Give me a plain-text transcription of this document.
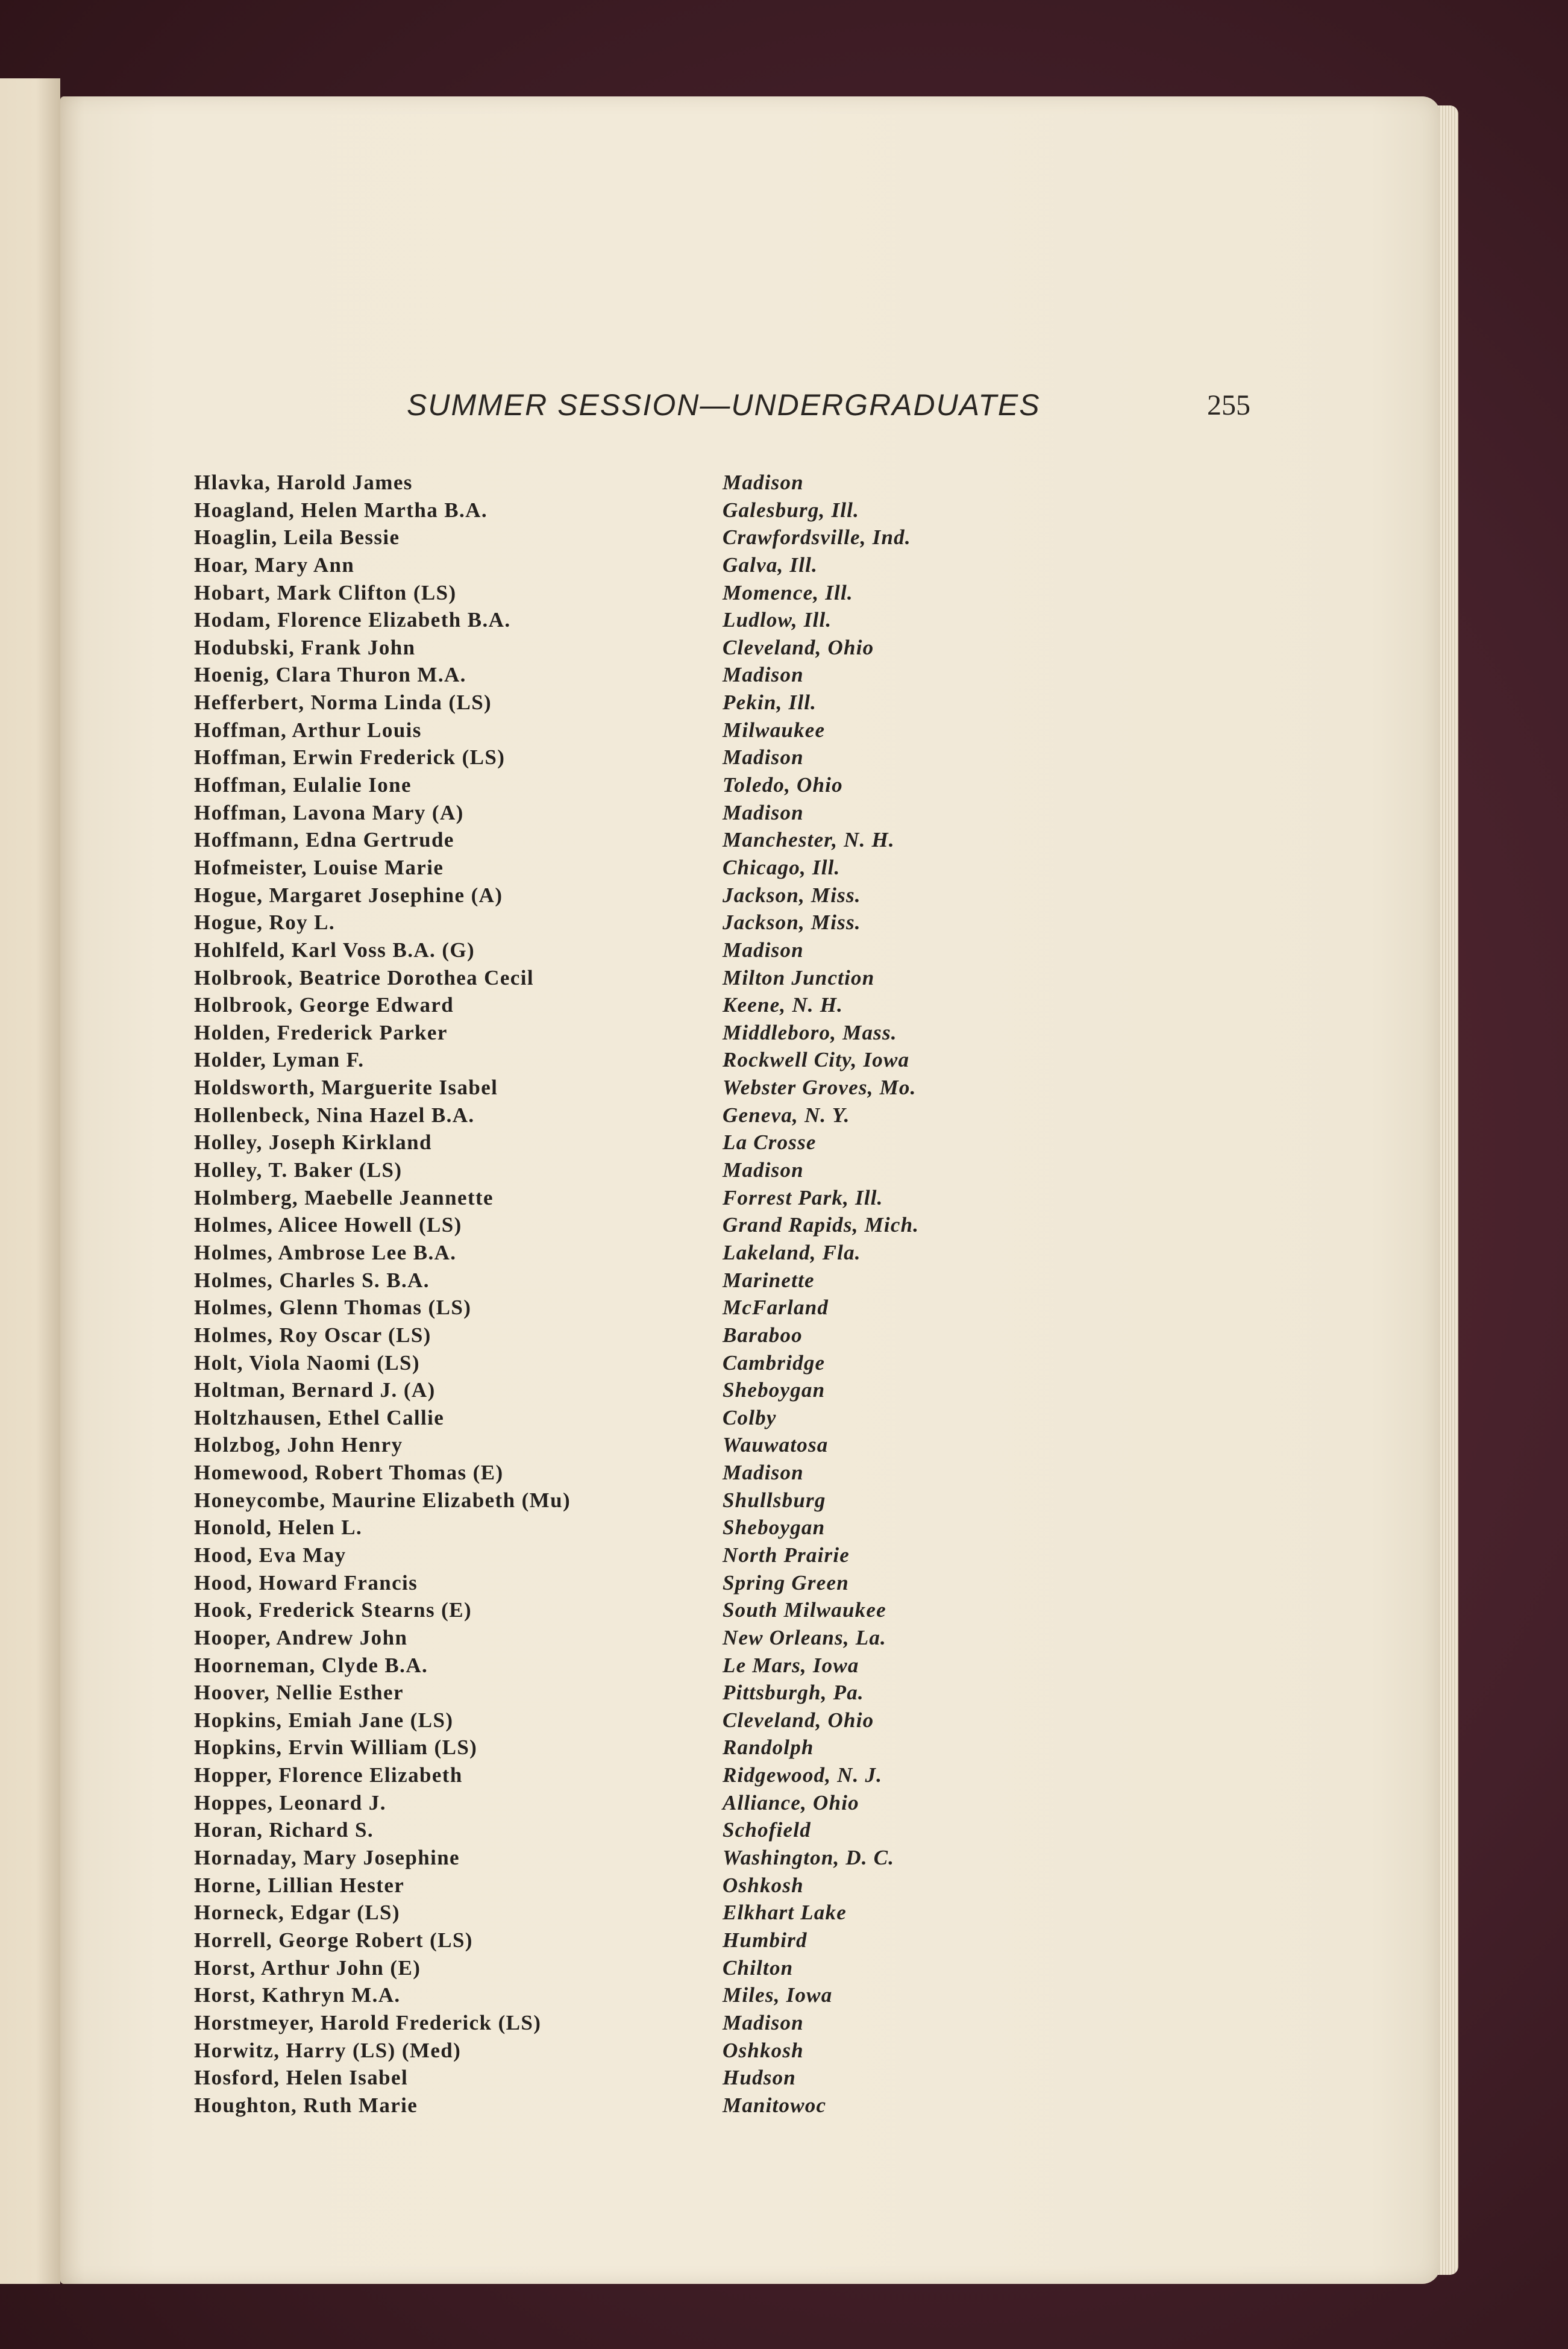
SUMMER SESSION—UNDERGRADUATES	255
Hlavka, Harold James	Madison
Hoagland, Helen Martha B.A.	Galesburg, Ill.
Hoaglin, Leila Bessie	Crawfordsville, Ind.
Hoar, Mary Ann	Galva, Ill.
Hobart, Mark Clifton (LS)	Momence, Ill.
Hodam, Florence Elizabeth B.A.	Ludlow, Ill.
Hodubski, Frank John	Cleveland, Ohio
Hoenig, Clara Thuron M.A.	Madison
Hefferbert, Norma Linda (LS)	Pekin, Ill.
Hoffman, Arthur Louis	Milwaukee
Hoffman, Erwin Frederick (LS)	Madison
Hoffman, Eulalie Ione	Toledo, Ohio
Hoffman, Lavona Mary (A)	Madison
Hoffmann, Edna Gertrude	Manchester, N. H.
Hofmeister, Louise Marie	Chicago, Ill.
Hogue, Margaret Josephine (A)	Jackson, Miss.
Hogue, Roy L.	Jackson, Miss.
Hohlfeld, Karl Voss B.A. (G)	Madison
Holbrook, Beatrice Dorothea Cecil	Milton Junction
Holbrook, George Edward	Keene, N. H.
Holden, Frederick Parker	Middleboro, Mass.
Holder, Lyman F.	Rockwell City, Iowa
Holdsworth, Marguerite Isabel	Webster Groves, Mo.
Hollenbeck, Nina Hazel B.A.	Geneva, N. Y.
Holley, Joseph Kirkland	La Crosse
Holley, T. Baker (LS)	Madison
Holmberg, Maebelle Jeannette	Forrest Park, Ill.
Holmes, Alicee Howell (LS)	Grand Rapids, Mich.
Holmes, Ambrose Lee B.A.	Lakeland, Fla.
Holmes, Charles S. B.A.	Marinette
Holmes, Glenn Thomas (LS)	McFarland
Holmes, Roy Oscar (LS)	Baraboo
Holt, Viola Naomi (LS)	Cambridge
Holtman, Bernard J. (A)	Sheboygan
Holtzhausen, Ethel Callie	Colby
Holzbog, John Henry	Wauwatosa
Homewood, Robert Thomas (E)	Madison
Honeycombe, Maurine Elizabeth (Mu)	Shullsburg
Honold, Helen L.	Sheboygan
Hood, Eva May	North Prairie
Hood, Howard Francis	Spring Green
Hook, Frederick Stearns (E)	South Milwaukee
Hooper, Andrew John	New Orleans, La.
Hoorneman, Clyde B.A.	Le Mars, Iowa
Hoover, Nellie Esther	Pittsburgh, Pa.
Hopkins, Emiah Jane (LS)	Cleveland, Ohio
Hopkins, Ervin William (LS)	Randolph
Hopper, Florence Elizabeth	Ridgewood, N. J.
Hoppes, Leonard J.	Alliance, Ohio
Horan, Richard S.	Schofield
Hornaday, Mary Josephine	Washington, D. C.
Horne, Lillian Hester	Oshkosh
Horneck, Edgar (LS)	Elkhart Lake
Horrell, George Robert (LS)	Humbird
Horst, Arthur John (E)	Chilton
Horst, Kathryn M.A.	Miles, Iowa
Horstmeyer, Harold Frederick (LS)	Madison
Horwitz, Harry (LS) (Med)	Oshkosh
Hosford, Helen Isabel	Hudson
Houghton, Ruth Marie	Manitowoc
